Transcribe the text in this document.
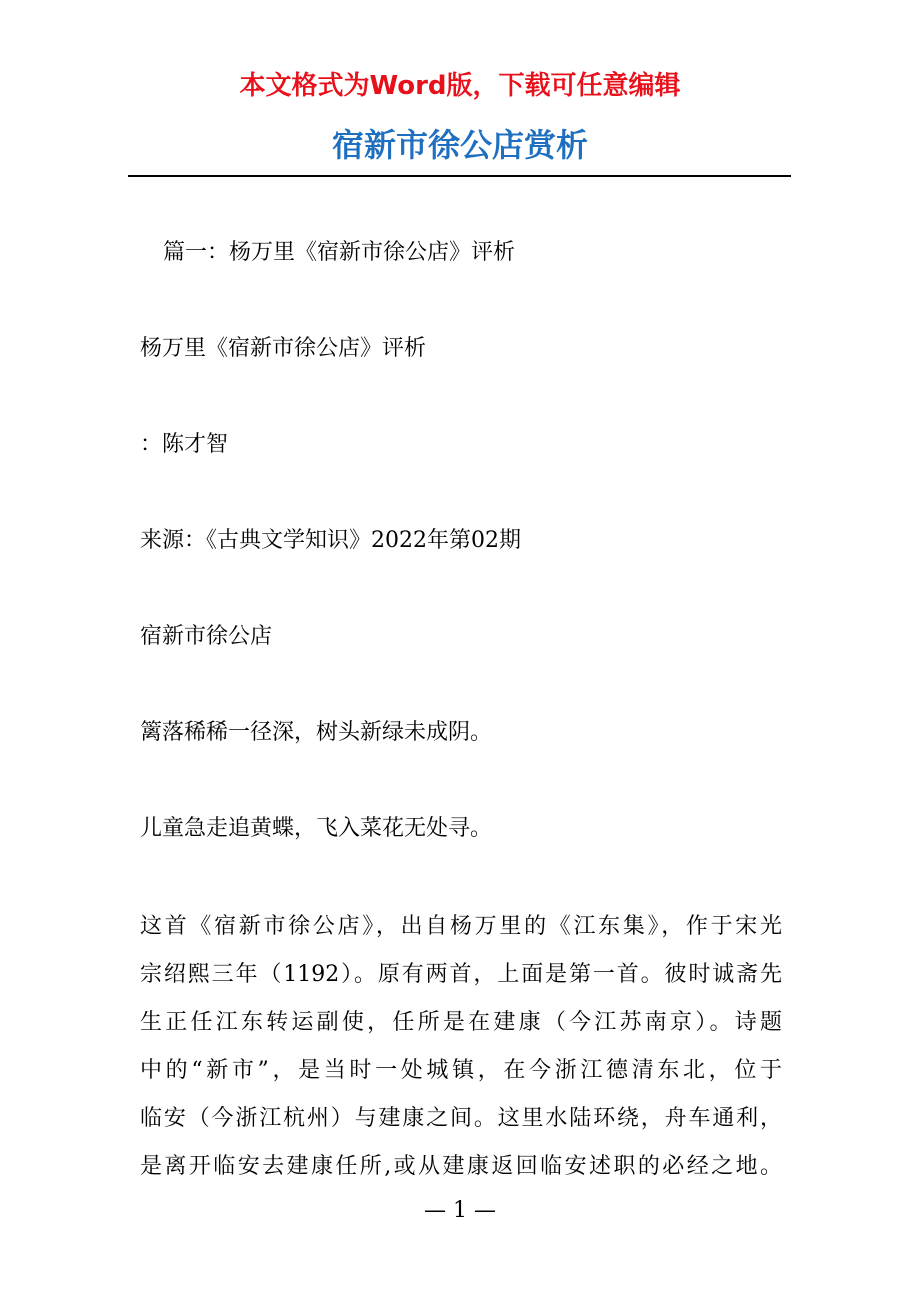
本文格式为Word版，下载可任意编辑
宿新市徐公店赏析
篇一：杨万里《宿新市徐公店》评析
杨万里《宿新市徐公店》评析
：陈才智
来源：《古典文学知识》2022年第02期
宿新市徐公店
篱落稀稀一径深，树头新绿未成阴。
儿童急走追黄蝶，飞入菜花无处寻。
这首《宿新市徐公店》，出自杨万里的《江东集》，作于宋光
宗绍熙三年（1192）。原有两首，上面是第一首。彼时诚斋先
生正任江东转运副使，任所是在建康（今江苏南京）。诗题
中的“新市”，是当时一处城镇，在今浙江德清东北，位于
临安（今浙江杭州）与建康之间。这里水陆环绕，舟车通利，
是离开临安去建康任所,或从建康返回临安述职的必经之地。
— 1 —
